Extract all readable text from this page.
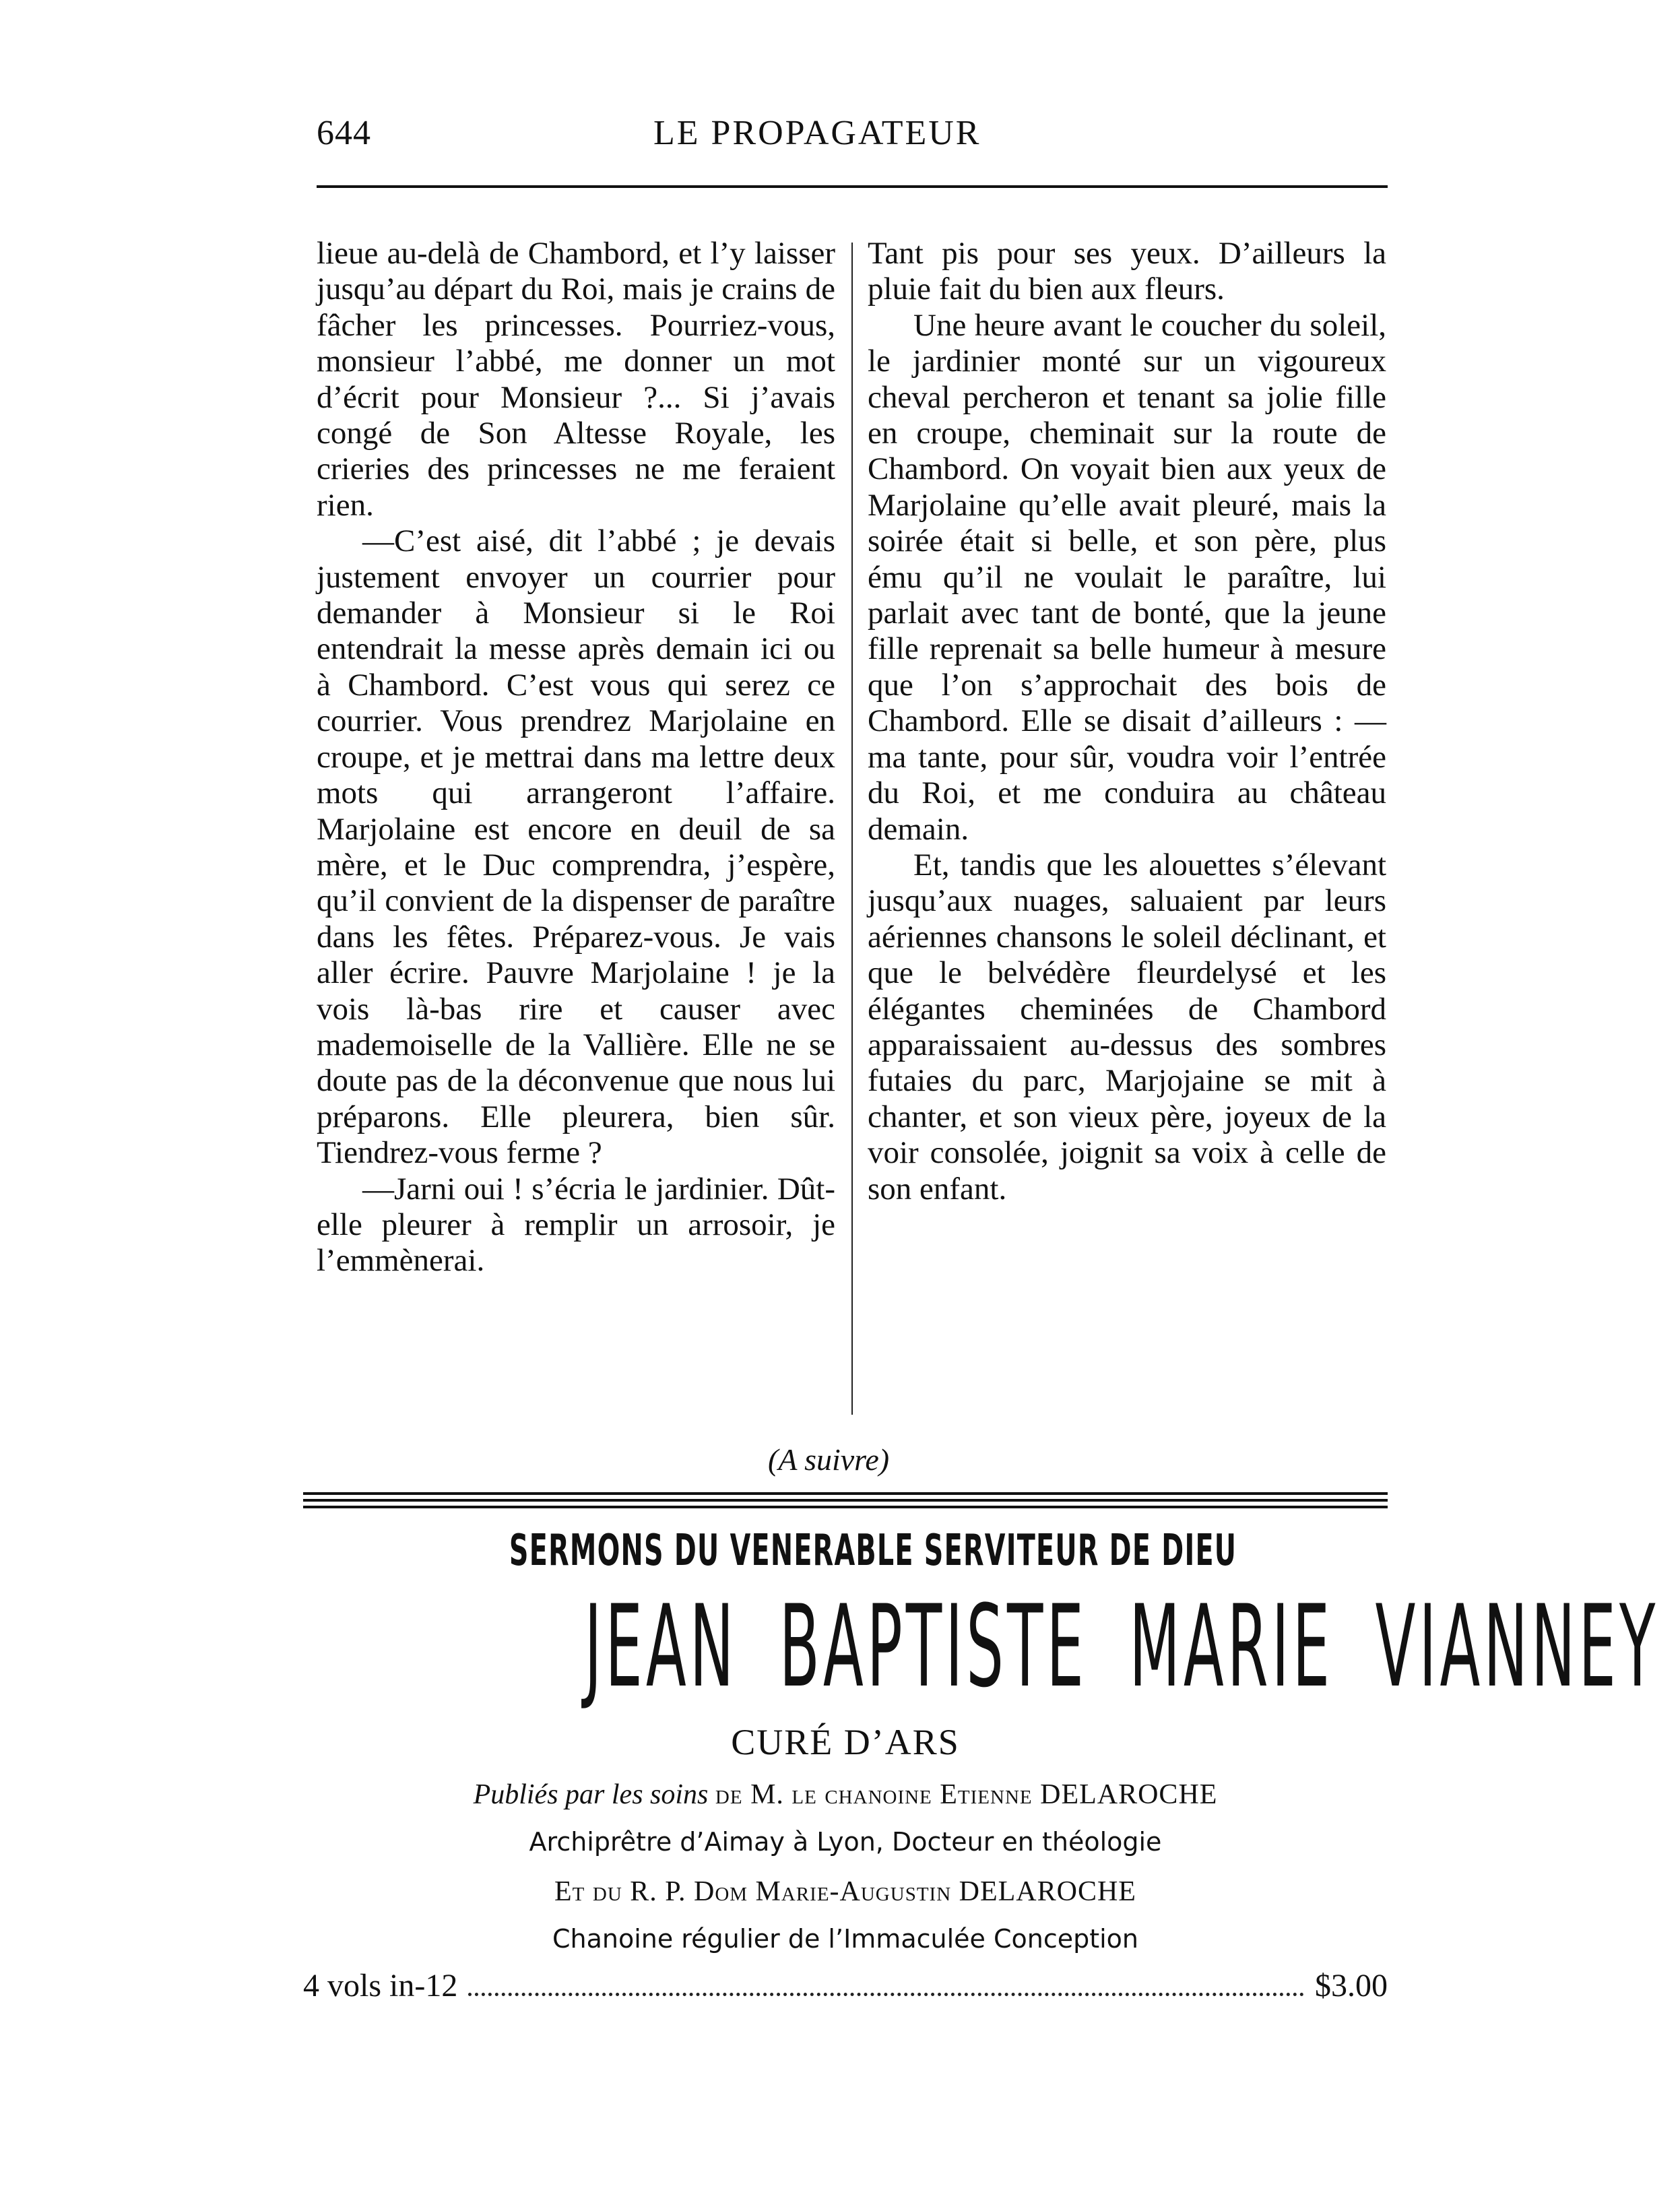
644	LE PROPAGATEUR

lieue au-delà de Chambord, et l’y laisser jusqu’au départ du Roi, mais je crains de fâcher les princesses. Pourriez-vous, monsieur l’abbé, me donner un mot d’écrit pour Monsieur ?... Si j’avais congé de Son Altesse Royale, les crieries des princesses ne me feraient rien.

—C’est aisé, dit l’abbé ; je devais justement envoyer un courrier pour demander à Monsieur si le Roi entendrait la messe après demain ici ou à Chambord. C’est vous qui serez ce courrier. Vous prendrez Marjolaine en croupe, et je mettrai dans ma lettre deux mots qui arrangeront l’affaire. Marjolaine est encore en deuil de sa mère, et le Duc comprendra, j’espère, qu’il convient de la dispenser de paraître dans les fêtes. Préparez-vous. Je vais aller écrire. Pauvre Marjolaine ! je la vois là-bas rire et causer avec mademoiselle de la Vallière. Elle ne se doute pas de la déconvenue que nous lui préparons. Elle pleurera, bien sûr. Tiendrez-vous ferme ?

—Jarni oui ! s’écria le jardinier. Dût-elle pleurer à remplir un arrosoir, je l’emmènerai.

Tant pis pour ses yeux. D’ailleurs la pluie fait du bien aux fleurs.

Une heure avant le coucher du soleil, le jardinier monté sur un vigoureux cheval percheron et tenant sa jolie fille en croupe, cheminait sur la route de Chambord. On voyait bien aux yeux de Marjolaine qu’elle avait pleuré, mais la soirée était si belle, et son père, plus ému qu’il ne voulait le paraître, lui parlait avec tant de bonté, que la jeune fille reprenait sa belle humeur à mesure que l’on s’approchait des bois de Chambord. Elle se disait d’ailleurs : — ma tante, pour sûr, voudra voir l’entrée du Roi, et me conduira au château demain.

Et, tandis que les alouettes s’élevant jusqu’aux nuages, saluaient par leurs aériennes chansons le soleil déclinant, et que le belvédère fleurdelysé et les élégantes cheminées de Chambord apparaissaient au-dessus des sombres futaies du parc, Marjojaine se mit à chanter, et son vieux père, joyeux de la voir consolée, joignit sa voix à celle de son enfant.

(A suivre)
SERMONS DU VENERABLE SERVITEUR DE DIEU
JEAN BAPTISTE MARIE VIANNEY
CURÉ D’ARS
Publiés par les soins de M. le chanoine Etienne DELAROCHE
Archiprêtre d’Aimay à Lyon, Docteur en théologie
Et du R. P. Dom Marie-Augustin DELAROCHE
Chanoine régulier de l’Immaculée Conception
4 vols in-12	$3.00
